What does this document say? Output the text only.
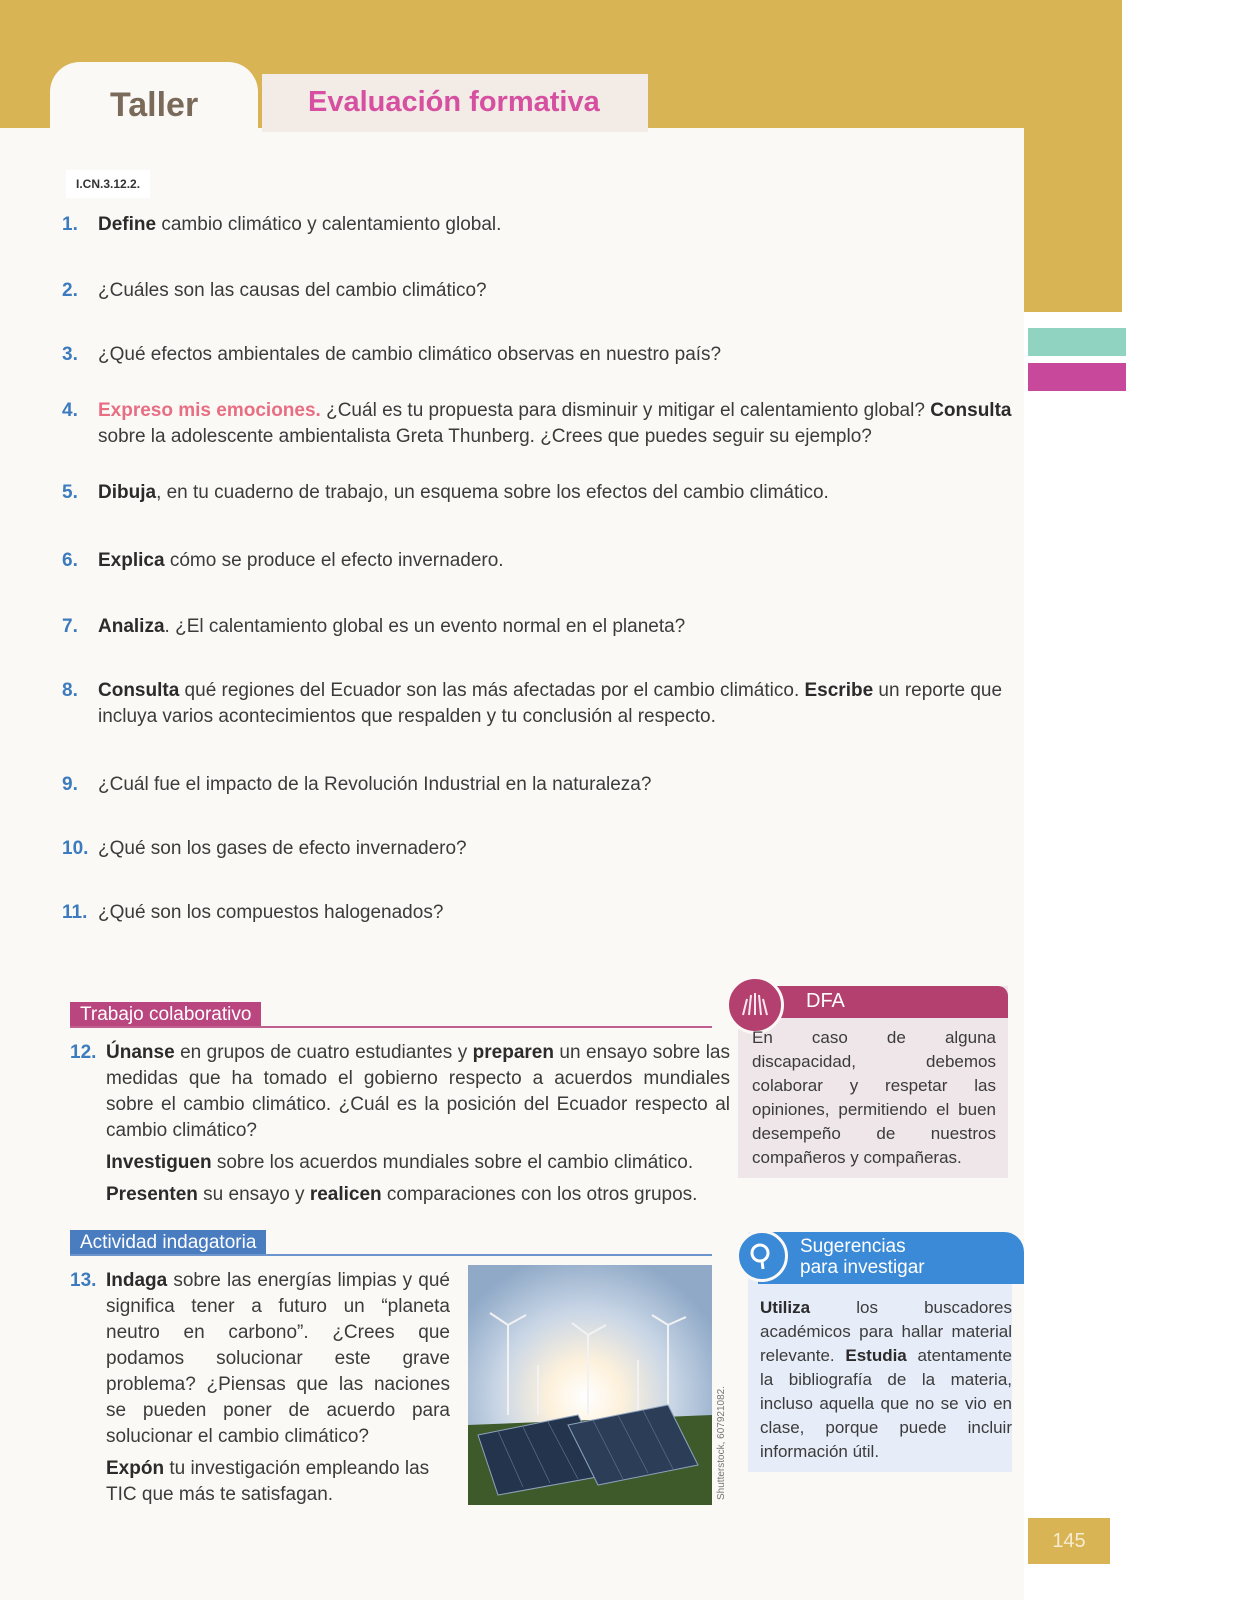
145
Taller	Evaluación formativa
I.CN.3.12.2.
1. Define cambio climático y calentamiento global.
2. ¿Cuáles son las causas del cambio climático?
3. ¿Qué efectos ambientales de cambio climático observas en nuestro país?
4. Expreso mis emociones. ¿Cuál es tu propuesta para disminuir y mitigar el calentamiento global? Consulta sobre la adolescente ambientalista Greta Thunberg. ¿Crees que puedes seguir su ejemplo?
5. Dibuja, en tu cuaderno de trabajo, un esquema sobre los efectos del cambio climático.
6. Explica cómo se produce el efecto invernadero.
7. Analiza. ¿El calentamiento global es un evento normal en el planeta?
8. Consulta qué regiones del Ecuador son las más afectadas por el cambio climático. Escribe un reporte que incluya varios acontecimientos que respalden y tu conclusión al respecto.
9. ¿Cuál fue el impacto de la Revolución Industrial en la naturaleza?
10. ¿Qué son los gases de efecto invernadero?
11. ¿Qué son los compuestos halogenados?
Trabajo colaborativo
12. Únanse en grupos de cuatro estudiantes y preparen un ensayo sobre las medidas que ha tomado el gobierno respecto a acuerdos mundiales sobre el cambio climático. ¿Cuál es la posición del Ecuador respecto al cambio climático?
Investiguen sobre los acuerdos mundiales sobre el cambio climático.
Presenten su ensayo y realicen comparaciones con los otros grupos.
Actividad indagatoria
13. Indaga sobre las energías limpias y qué significa tener a futuro un “planeta neutro en carbono”. ¿Crees que podamos solucionar este grave problema? ¿Piensas que las naciones se pueden poner de acuerdo para solucionar el cambio climático?
Expón tu investigación empleando las TIC que más te satisfagan.	Shutterstock, 607921082.
DFA
En caso de alguna discapacidad, debemos colaborar y respetar las opiniones, permitiendo el buen desempeño de nuestros compañeros y compañeras.
Sugerencias
para investigar
Utiliza los buscadores académicos para hallar material relevante. Estudia atentamente la bibliografía de la materia, incluso aquella que no se vio en clase, porque puede incluir información útil.
